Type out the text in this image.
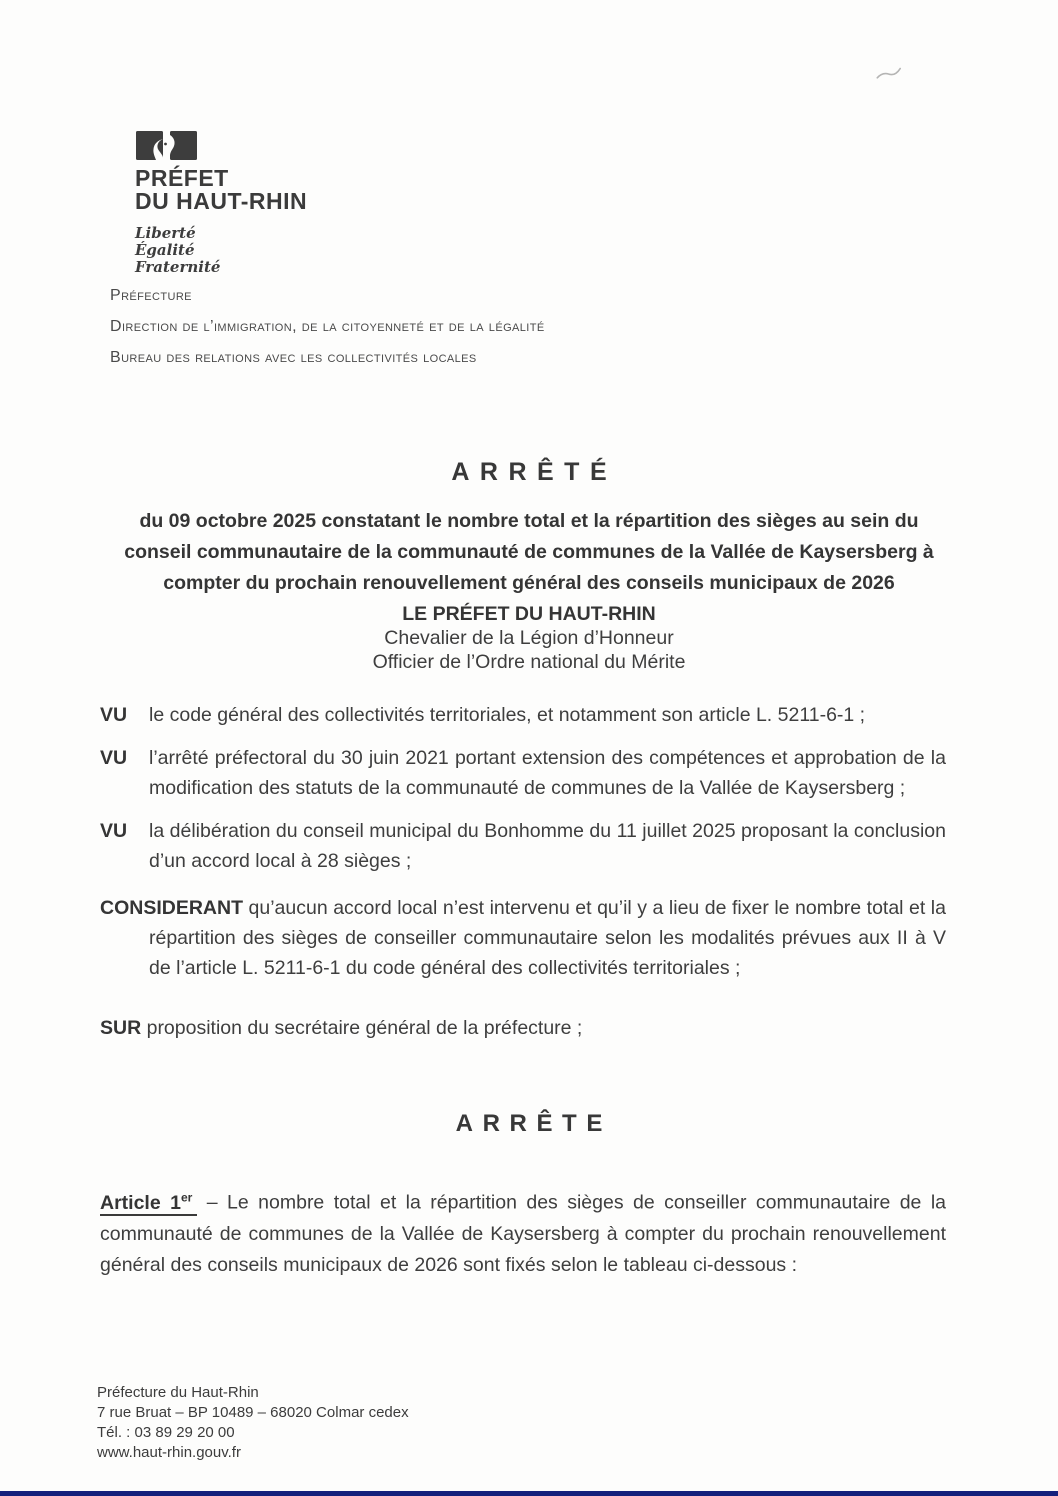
PRÉFET
DU HAUT-RHIN
Liberté
Égalité
Fraternité
Préfecture
Direction de l’immigration, de la citoyenneté et de la légalité
Bureau des relations avec les collectivités locales
ARRÊTÉ

du 09 octobre 2025 constatant le nombre total et la répartition des sièges au sein du conseil communautaire de la communauté de communes de la Vallée de Kaysersberg à compter du prochain renouvellement général des conseils municipaux de 2026

LE PRÉFET DU HAUT-RHIN
Chevalier de la Légion d’Honneur
Officier de l’Ordre national du Mérite
VU	le code général des collectivités territoriales, et notamment son article L. 5211-6-1 ;

VU	l’arrêté préfectoral du 30 juin 2021 portant extension des compétences et approbation de la modification des statuts de la communauté de communes de la Vallée de Kaysersberg ;

VU	la délibération du conseil municipal du Bonhomme du 11 juillet 2025 proposant la conclusion d’un accord local à 28 sièges ;

CONSIDERANT qu’aucun accord local n’est intervenu et qu’il y a lieu de fixer le nombre total et la répartition des sièges de conseiller communautaire selon les modalités prévues aux II à V de l’article L. 5211-6-1 du code général des collectivités territoriales ;

SUR proposition du secrétaire général de la préfecture ;

ARRÊTE

Article 1er – Le nombre total et la répartition des sièges de conseiller communautaire de la communauté de communes de la Vallée de Kaysersberg à compter du prochain renouvellement général des conseils municipaux de 2026 sont fixés selon le tableau ci-dessous :

Préfecture du Haut-Rhin
7 rue Bruat – BP 10489 – 68020 Colmar cedex
Tél. : 03 89 29 20 00
www.haut-rhin.gouv.fr
